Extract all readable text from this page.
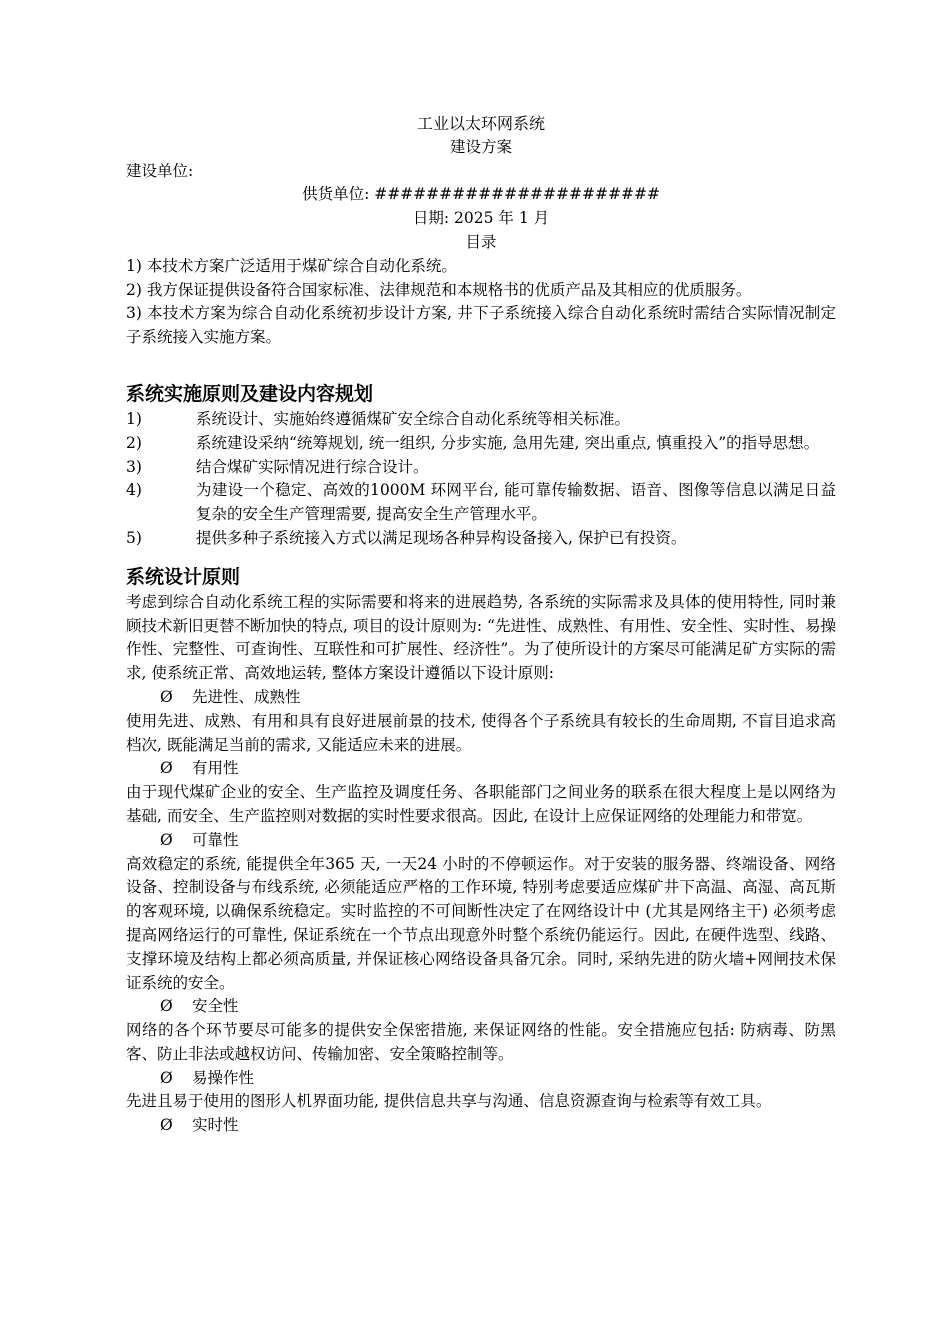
工业以太环网系统
建设方案
建设单位:
供货单位: ######################
日期: 2025 年 1 月
目录

1) 本技术方案广泛适用于煤矿综合自动化系统。

2) 我方保证提供设备符合国家标准、法律规范和本规格书的优质产品及其相应的优质服务。

3) 本技术方案为综合自动化系统初步设计方案, 井下子系统接入综合自动化系统时需结合实际情况制定子系统接入实施方案。

系统实施原则及建设内容规划
1)	系统设计、实施始终遵循煤矿安全综合自动化系统等相关标准。
2)	系统建设采纳“统筹规划, 统一组织, 分步实施, 急用先建, 突出重点, 慎重投入”的指导思想。
3)	结合煤矿实际情况进行综合设计。
4)	为建设一个稳定、高效的1000M 环网平台, 能可靠传输数据、语音、图像等信息以满足日益复杂的安全生产管理需要, 提高安全生产管理水平。
5)	提供多种子系统接入方式以满足现场各种异构设备接入, 保护已有投资。
系统设计原则

考虑到综合自动化系统工程的实际需要和将来的进展趋势, 各系统的实际需求及具体的使用特性, 同时兼顾技术新旧更替不断加快的特点, 项目的设计原则为: “先进性、成熟性、有用性、安全性、实时性、易操作性、完整性、可查询性、互联性和可扩展性、经济性”。为了使所设计的方案尽可能满足矿方实际的需求, 使系统正常、高效地运转, 整体方案设计遵循以下设计原则:

Ø 先进性、成熟性

使用先进、成熟、有用和具有良好进展前景的技术, 使得各个子系统具有较长的生命周期, 不盲目追求高档次, 既能满足当前的需求, 又能适应未来的进展。

Ø 有用性

由于现代煤矿企业的安全、生产监控及调度任务、各职能部门之间业务的联系在很大程度上是以网络为基础, 而安全、生产监控则对数据的实时性要求很高。因此, 在设计上应保证网络的处理能力和带宽。

Ø 可靠性

高效稳定的系统, 能提供全年365 天, 一天24 小时的不停顿运作。对于安装的服务器、终端设备、网络设备、控制设备与布线系统, 必须能适应严格的工作环境, 特别考虑要适应煤矿井下高温、高湿、高瓦斯的客观环境, 以确保系统稳定。实时监控的不可间断性决定了在网络设计中 (尤其是网络主干) 必须考虑提高网络运行的可靠性, 保证系统在一个节点出现意外时整个系统仍能运行。因此, 在硬件选型、线路、支撑环境及结构上都必须高质量, 并保证核心网络设备具备冗余。同时, 采纳先进的防火墙+网闸技术保证系统的安全。

Ø 安全性

网络的各个环节要尽可能多的提供安全保密措施, 来保证网络的性能。安全措施应包括: 防病毒、防黑客、防止非法或越权访问、传输加密、安全策略控制等。

Ø 易操作性

先进且易于使用的图形人机界面功能, 提供信息共享与沟通、信息资源查询与检索等有效工具。

Ø 实时性
